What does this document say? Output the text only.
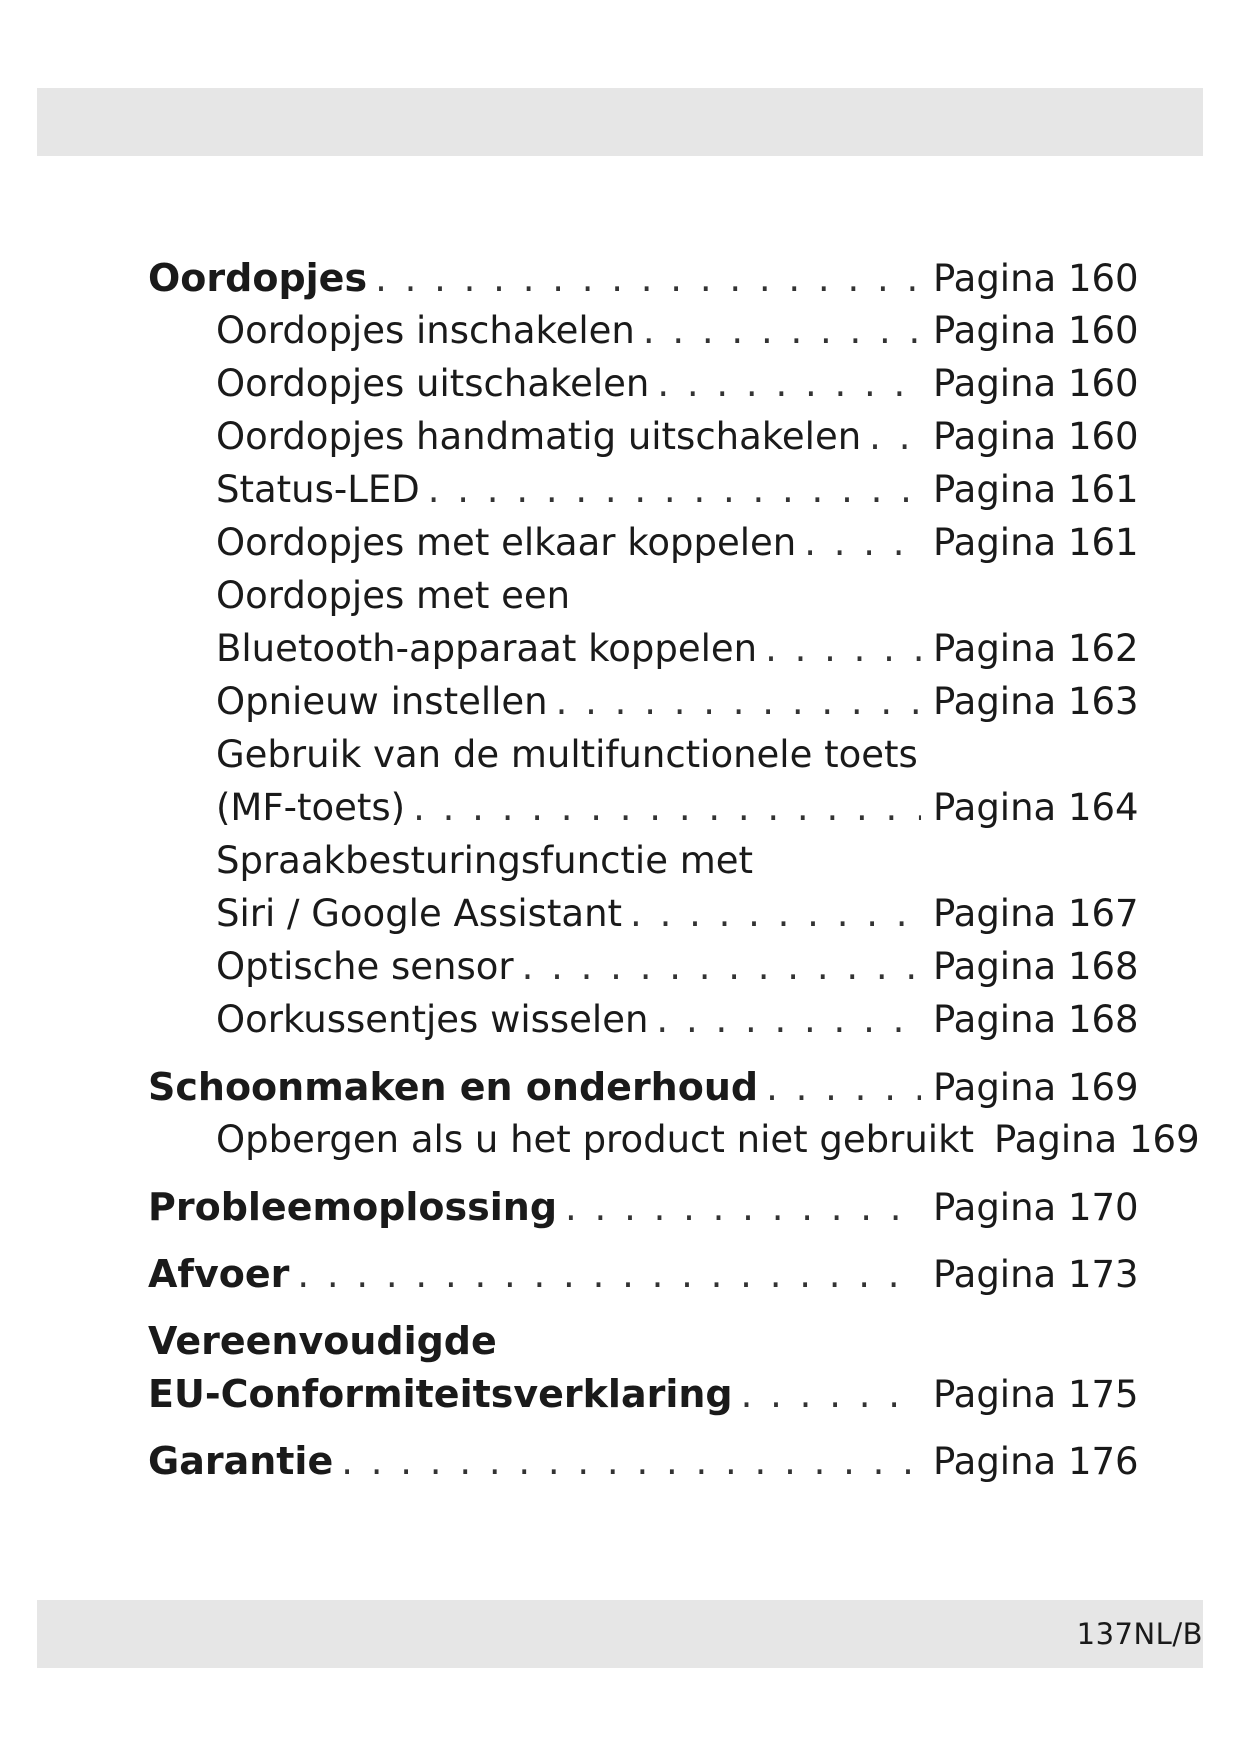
Oordopjes . . .	Pagina 160
Oordopjes inschakelen . . .	Pagina 160
Oordopjes uitschakelen . . .	Pagina 160
Oordopjes handmatig uitschakelen . . . Pagina 160
Status-LED . . .	Pagina 161
Oordopjes met elkaar koppelen . . .	Pagina 161
Oordopjes met een
Bluetooth-apparaat koppelen . . .	Pagina 162
Opnieuw instellen . . .	Pagina 163
Gebruik van de multifunctionele toets
(MF-toets) . . .	Pagina 164
Spraakbesturingsfunctie met
Siri / Google Assistant . . .	Pagina 167
Optische sensor . . .	Pagina 168
Oorkussentjes wisselen . . .	Pagina 168
Schoonmaken en onderhoud . . .	Pagina 169
Opbergen als u het product niet gebruikt Pagina 169
Probleemoplossing . . .	Pagina 170
Afvoer . . .	Pagina 173
Vereenvoudigde
EU-Conformiteitsverklaring . . .	Pagina 175
Garantie . . .	Pagina 176
137NL/B
